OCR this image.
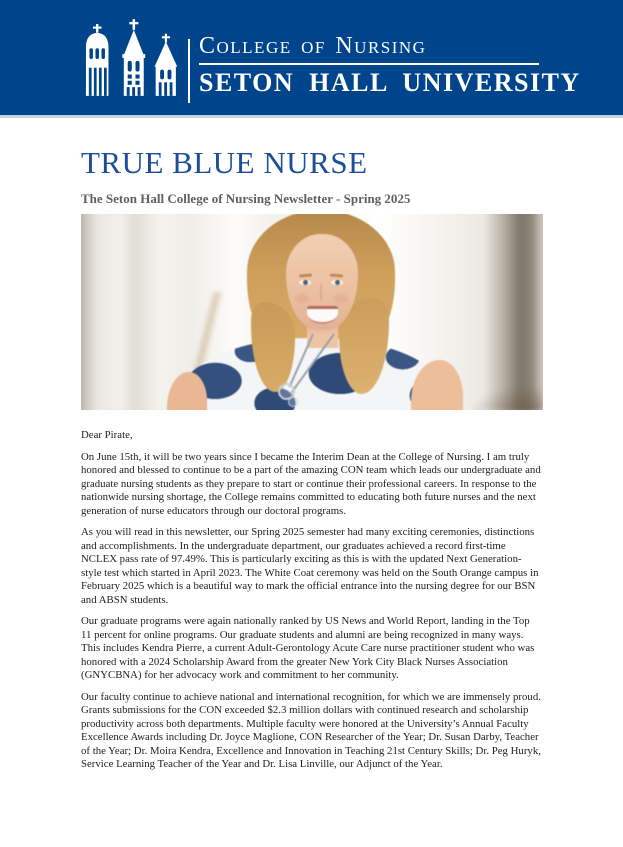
College of Nursing
SETON HALL UNIVERSITY
TRUE BLUE NURSE
The Seton Hall College of Nursing Newsletter - Spring 2025

Dear Pirate,

On June 15th, it will be two years since I became the Interim Dean at the College of Nursing. I am truly honored and blessed to continue to be a part of the amazing CON team which leads our undergraduate and graduate nursing students as they prepare to start or continue their professional careers. In response to the nationwide nursing shortage, the College remains committed to educating both future nurses and the next generation of nurse educators through our doctoral programs.

As you will read in this newsletter, our Spring 2025 semester had many exciting ceremonies, distinctions and accomplishments. In the undergraduate department, our graduates achieved a record first-time NCLEX pass rate of 97.49%. This is particularly exciting as this is with the updated Next Generation-style test which started in April 2023. The White Coat ceremony was held on the South Orange campus in February 2025 which is a beautiful way to mark the official entrance into the nursing degree for our BSN and ABSN students.

Our graduate programs were again nationally ranked by US News and World Report, landing in the Top 11 percent for online programs. Our graduate students and alumni are being recognized in many ways. This includes Kendra Pierre, a current Adult-Gerontology Acute Care nurse practitioner student who was honored with a 2024 Scholarship Award from the greater New York City Black Nurses Association (GNYCBNA) for her advocacy work and commitment to her community.

Our faculty continue to achieve national and international recognition, for which we are immensely proud. Grants submissions for the CON exceeded $2.3 million dollars with continued research and scholarship productivity across both departments. Multiple faculty were honored at the University’s Annual Faculty Excellence Awards including Dr. Joyce Maglione, CON Researcher of the Year; Dr. Susan Darby, Teacher of the Year; Dr. Moira Kendra, Excellence and Innovation in Teaching 21st Century Skills; Dr. Peg Huryk, Service Learning Teacher of the Year and Dr. Lisa Linville, our Adjunct of the Year.
